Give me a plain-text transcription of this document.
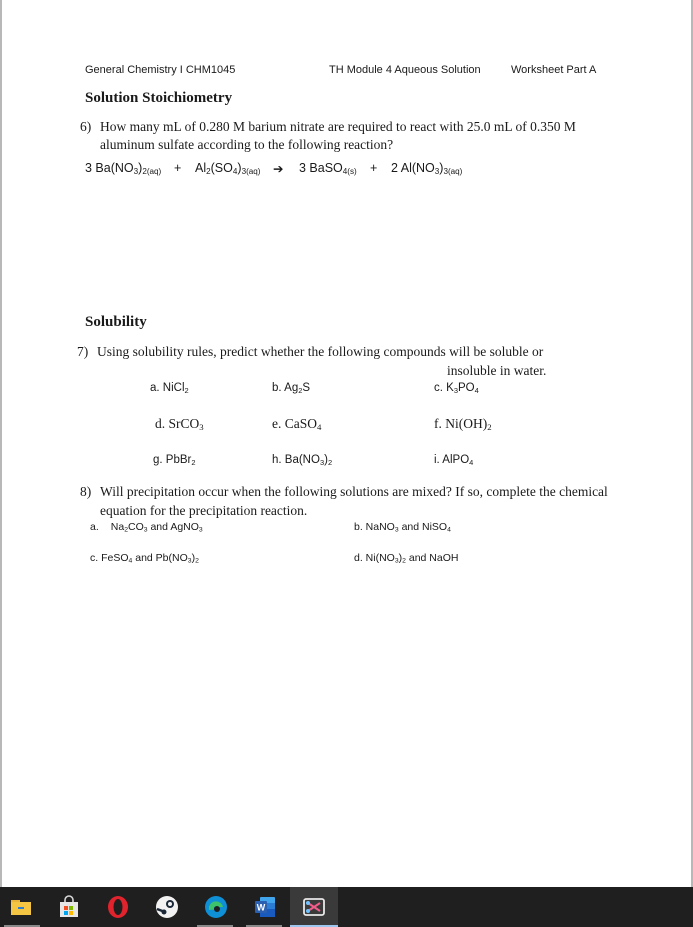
General Chemistry I CHM1045	TH Module 4 Aqueous Solution	Worksheet Part A
Solution Stoichiometry
6) How many mL of 0.280 M barium nitrate are required to react with 25.0 mL of 0.350 M
aluminum sulfate according to the following reaction?
3 $Ba(NO_3)_{2(aq)} + Al_2(SO_4)_{3(aq)}$ ➔ 3 BaSO$_{4(s)}$ + 2 $Al(NO_3)_{3(aq)}$
Solubility
7) Using solubility rules, predict whether the following compounds will be soluble or
insoluble in water.
a. NiCl$_2$	b. $Ag_2S$	c. $K_3PO_4$
d. SrCO$_3$	e. CaSO$_4$	f. $Ni(OH)_2$
g. PbBr$_2$	h. $Ba(NO_3)_2$	i. AlPO$_4$
8) Will precipitation occur when the following solutions are mixed? If so, complete the chemical
equation for the precipitation reaction.
a. $Na_2CO_3$ and AgNO$_3$	b. NaNO$_3$ and NiSO$_4$
c. FeSO$_4$ and $Pb(NO_3)_2$	d. $Ni(NO_3)_2$ and NaOH
W
